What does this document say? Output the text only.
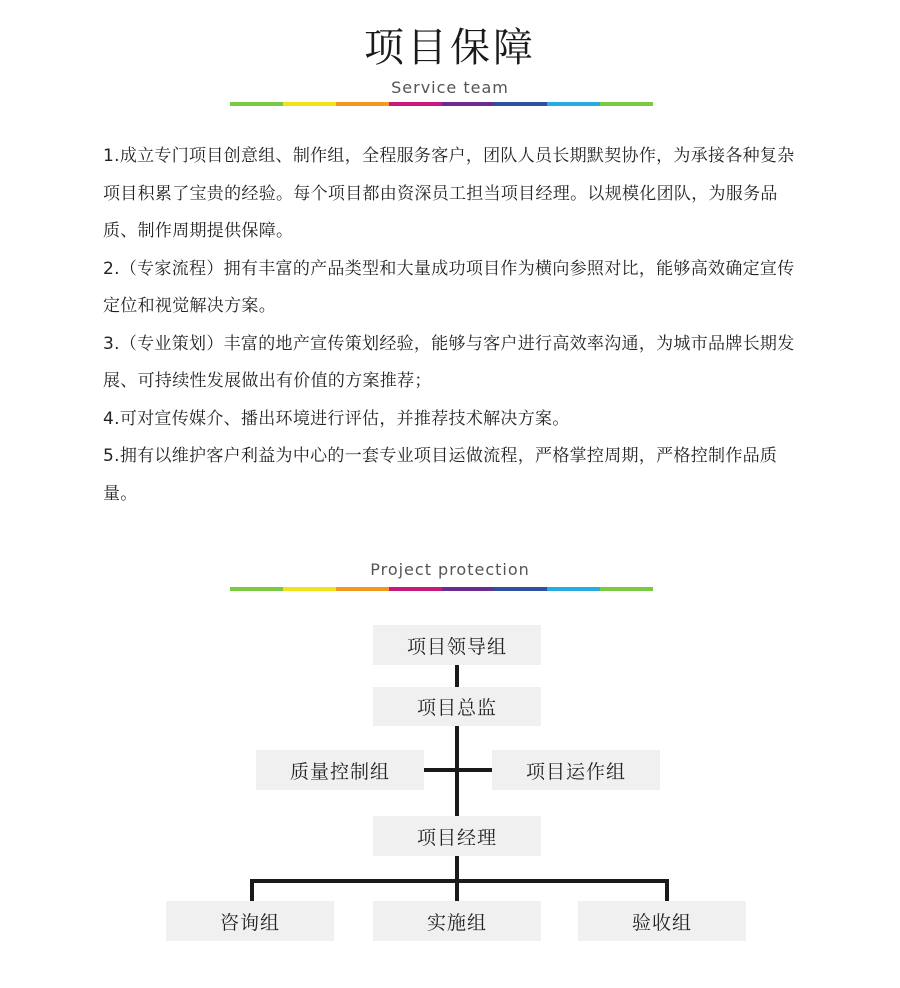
项目保障
Service team

1.成立专门项目创意组、制作组，全程服务客户，团队人员长期默契协作，为承接各种复杂项目积累了宝贵的经验。每个项目都由资深员工担当项目经理。以规模化团队，为服务品质、制作周期提供保障。

2.（专家流程）拥有丰富的产品类型和大量成功项目作为横向参照对比，能够高效确定宣传定位和视觉解决方案。

3.（专业策划）丰富的地产宣传策划经验，能够与客户进行高效率沟通，为城市品牌长期发展、可持续性发展做出有价值的方案推荐；

4.可对宣传媒介、播出环境进行评估，并推荐技术解决方案。

5.拥有以维护客户利益为中心的一套专业项目运做流程，严格掌控周期，严格控制作品质量。

Project protection
项目领导组
项目总监
质量控制组	项目运作组
项目经理
咨询组	实施组	验收组
